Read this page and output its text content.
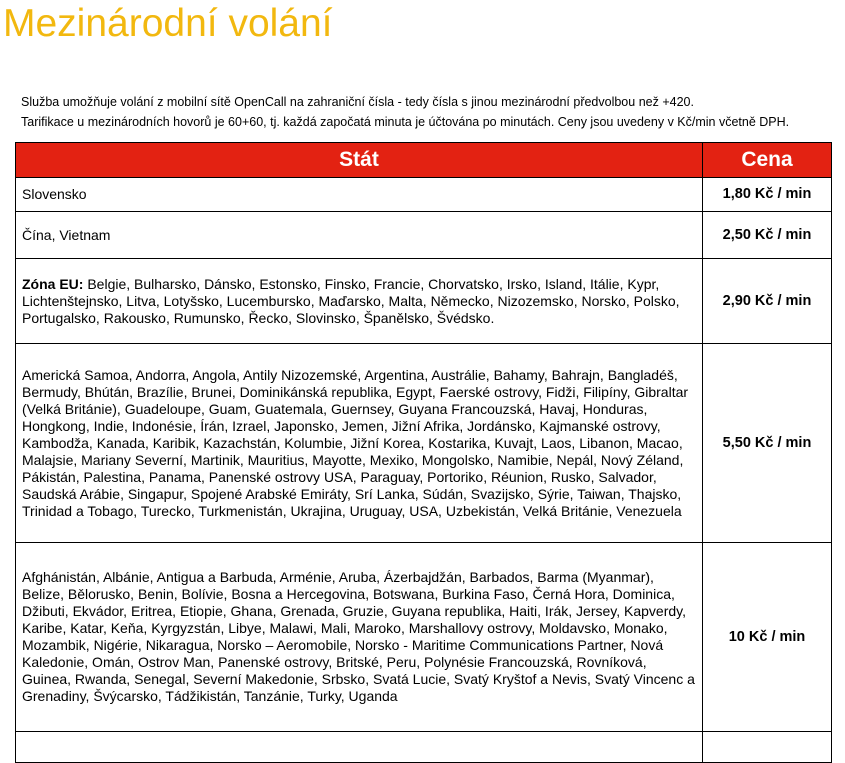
Mezinárodní volání

Služba umožňuje volání z mobilní sítě OpenCall na zahraniční čísla - tedy čísla s jinou mezinárodní předvolbou než +420.

Tarifikace u mezinárodních hovorů je 60+60, tj. každá započatá minuta je účtována po minutách. Ceny jsou uvedeny v Kč/min včetně DPH.

Stát	Cena
Slovensko	1,80 Kč / min
Čína, Vietnam	2,50 Kč / min
Zóna EU: Belgie, Bulharsko, Dánsko, Estonsko, Finsko, Francie, Chorvatsko, Irsko, Island, Itálie, Kypr, Lichtenštejnsko, Litva, Lotyšsko, Lucembursko, Maďarsko, Malta, Německo, Nizozemsko, Norsko, Polsko, Portugalsko, Rakousko, Rumunsko, Řecko, Slovinsko, Španělsko, Švédsko.	2,90 Kč / min
Americká Samoa, Andorra, Angola, Antily Nizozemské, Argentina, Austrálie, Bahamy, Bahrajn, Bangladéš, Bermudy, Bhútán, Brazílie, Brunei, Dominikánská republika, Egypt, Faerské ostrovy, Fidži, Filipíny, Gibraltar (Velká Británie), Guadeloupe, Guam, Guatemala, Guernsey, Guyana Francouzská, Havaj, Honduras, Hongkong, Indie, Indonésie, Írán, Izrael, Japonsko, Jemen, Jižní Afrika, Jordánsko, Kajmanské ostrovy, Kambodža, Kanada, Karibik, Kazachstán, Kolumbie, Jižní Korea, Kostarika, Kuvajt, Laos, Libanon, Macao, Malajsie, Mariany Severní, Martinik, Mauritius, Mayotte, Mexiko, Mongolsko, Namibie, Nepál, Nový Zéland, Pákistán, Palestina, Panama, Panenské ostrovy USA, Paraguay, Portoriko, Réunion, Rusko, Salvador, Saudská Arábie, Singapur, Spojené Arabské Emiráty, Srí Lanka, Súdán, Svazijsko, Sýrie, Taiwan, Thajsko, Trinidad a Tobago, Turecko, Turkmenistán, Ukrajina, Uruguay, USA, Uzbekistán, Velká Británie, Venezuela	5,50 Kč / min
Afghánistán, Albánie, Antigua a Barbuda, Arménie, Aruba, Ázerbajdžán, Barbados, Barma (Myanmar), Belize, Bělorusko, Benin, Bolívie, Bosna a Hercegovina, Botswana, Burkina Faso, Černá Hora, Dominica, Džibuti, Ekvádor, Eritrea, Etiopie, Ghana, Grenada, Gruzie, Guyana republika, Haiti, Irák, Jersey, Kapverdy, Karibe, Katar, Keňa, Kyrgyzstán, Libye, Malawi, Mali, Maroko, Marshallovy ostrovy, Moldavsko, Monako, Mozambik, Nigérie, Nikaragua, Norsko – Aeromobile, Norsko - Maritime Communications Partner, Nová Kaledonie, Omán, Ostrov Man, Panenské ostrovy, Britské, Peru, Polynésie Francouzská, Rovníková, Guinea, Rwanda, Senegal, Severní Makedonie, Srbsko, Svatá Lucie, Svatý Kryštof a Nevis, Svatý Vincenc a Grenadiny, Švýcarsko, Tádžikistán, Tanzánie, Turky, Uganda	10 Kč / min
